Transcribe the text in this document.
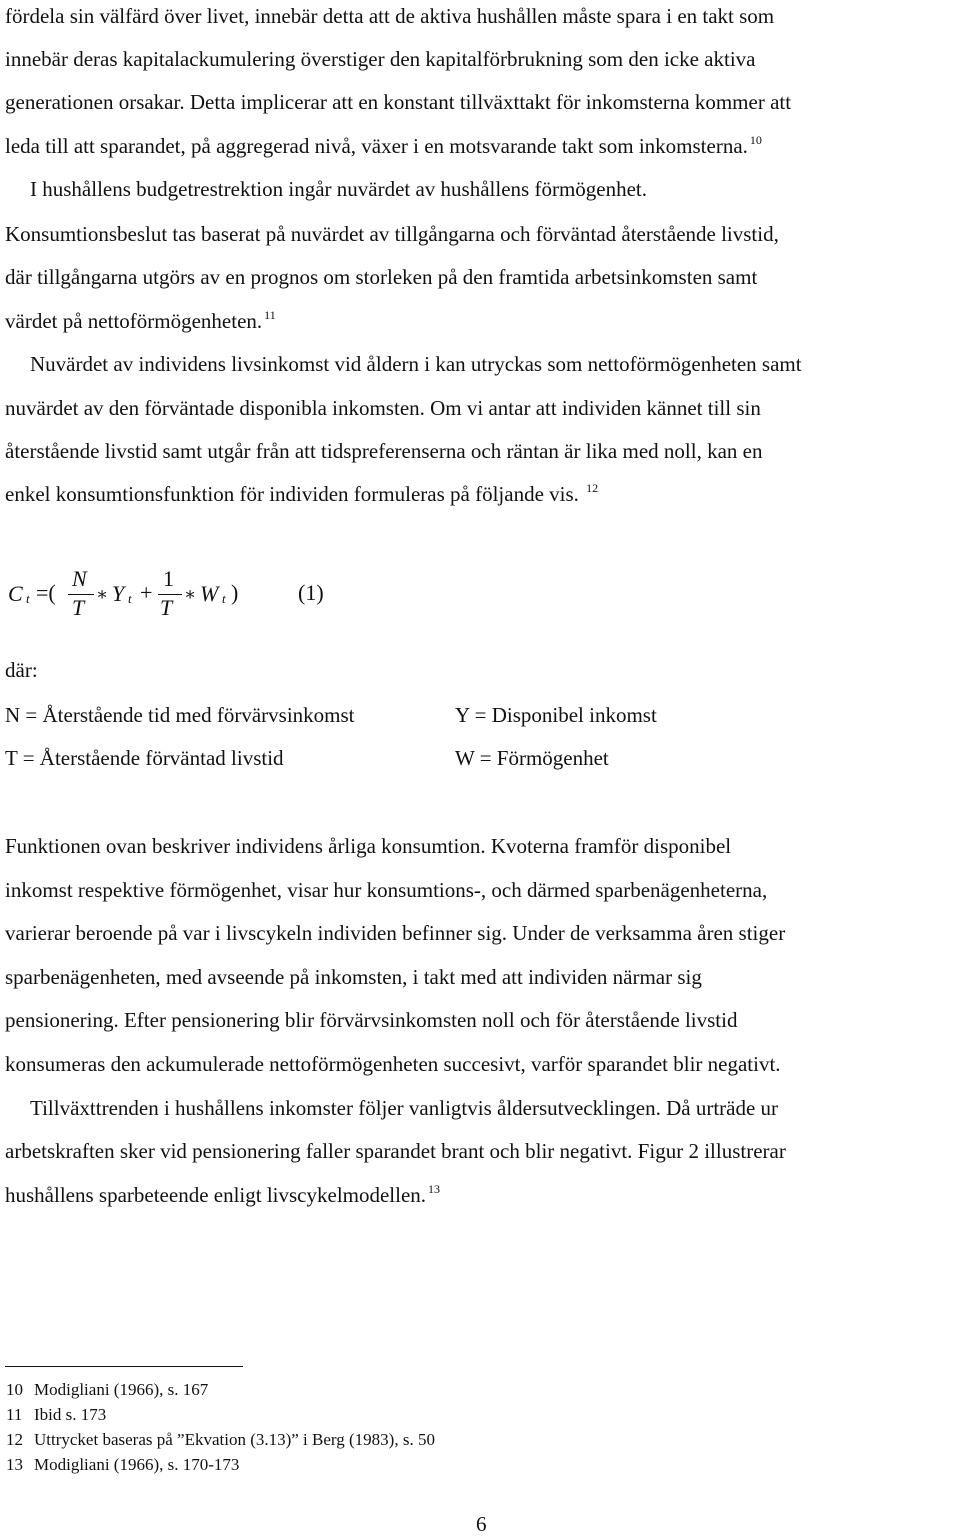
fördela sin välfärd över livet, innebär detta att de aktiva hushållen måste spara i en takt som
innebär deras kapitalackumulering överstiger den kapitalförbrukning som den icke aktiva
generationen orsakar. Detta implicerar att en konstant tillväxttakt för inkomsterna kommer att
leda till att sparandet, på aggregerad nivå, växer i en motsvarande takt som inkomsterna. $^{10}$
I hushållens budgetrestrektion ingår nuvärdet av hushållens förmögenhet.
Konsumtionsbeslut tas baserat på nuvärdet av tillgångarna och förväntad återstående livstid,
där tillgångarna utgörs av en prognos om storleken på den framtida arbetsinkomsten samt
värdet på nettoförmögenheten. $^{11}$
Nuvärdet av individens livsinkomst vid åldern i kan utryckas som nettoförmögenheten samt
nuvärdet av den förväntade disponibla inkomsten. Om vi antar att individen kännet till sin
återstående livstid samt utgår från att tidspreferenserna och räntan är lika med noll, kan en
enkel konsumtionsfunktion för individen formuleras på följande vis. $^{12}$
C t =(
N
T
∗ Y t +
1
T
∗ W t )	(1)
där:
N = Återstående tid med förvärvsinkomst	Y = Disponibel inkomst
T = Återstående förväntad livstid	W = Förmögenhet
Funktionen ovan beskriver individens årliga konsumtion. Kvoterna framför disponibel
inkomst respektive förmögenhet, visar hur konsumtions-, och därmed sparbenägenheterna,
varierar beroende på var i livscykeln individen befinner sig. Under de verksamma åren stiger
sparbenägenheten, med avseende på inkomsten, i takt med att individen närmar sig
pensionering. Efter pensionering blir förvärvsinkomsten noll och för återstående livstid
konsumeras den ackumulerade nettoförmögenheten succesivt, varför sparandet blir negativt.
Tillväxttrenden i hushållens inkomster följer vanligtvis åldersutvecklingen. Då urträde ur
arbetskraften sker vid pensionering faller sparandet brant och blir negativt. Figur 2 illustrerar
hushållens sparbeteende enligt livscykelmodellen. $^{13}$
10 Modigliani (1966), s. 167
11 Ibid s. 173
12 Uttrycket baseras på ”Ekvation (3.13)” i Berg (1983), s. 50
13 Modigliani (1966), s. 170-173
6
